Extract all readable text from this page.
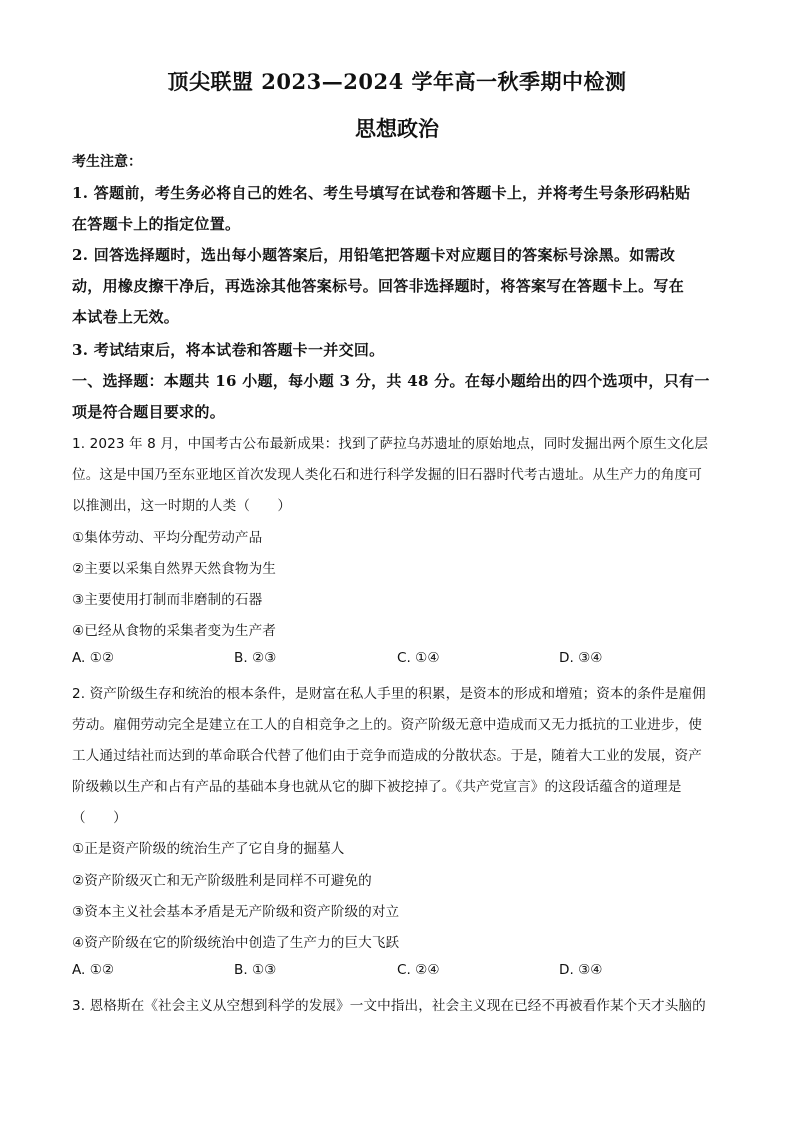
顶尖联盟 2023—2024 学年高一秋季期中检测
思想政治
考生注意：
1. 答题前，考生务必将自己的姓名、考生号填写在试卷和答题卡上，并将考生号条形码粘贴
在答题卡上的指定位置。
2. 回答选择题时，选出每小题答案后，用铅笔把答题卡对应题目的答案标号涂黑。如需改
动，用橡皮擦干净后，再选涂其他答案标号。回答非选择题时，将答案写在答题卡上。写在
本试卷上无效。
3. 考试结束后，将本试卷和答题卡一并交回。
一、选择题：本题共 16 小题，每小题 3 分，共 48 分。在每小题给出的四个选项中，只有一
项是符合题目要求的。
1. 2023 年 8 月，中国考古公布最新成果：找到了萨拉乌苏遗址的原始地点，同时发掘出两个原生文化层
位。这是中国乃至东亚地区首次发现人类化石和进行科学发掘的旧石器时代考古遗址。从生产力的角度可
以推测出，这一时期的人类（　　）
①集体劳动、平均分配劳动产品
②主要以采集自然界天然食物为生
③主要使用打制而非磨制的石器
④已经从食物的采集者变为生产者
A. ①②	B. ②③	C. ①④	D. ③④
2. 资产阶级生存和统治的根本条件，是财富在私人手里的积累，是资本的形成和增殖；资本的条件是雇佣
劳动。雇佣劳动完全是建立在工人的自相竞争之上的。资产阶级无意中造成而又无力抵抗的工业进步，使
工人通过结社而达到的革命联合代替了他们由于竞争而造成的分散状态。于是，随着大工业的发展，资产
阶级赖以生产和占有产品的基础本身也就从它的脚下被挖掉了。《共产党宣言》的这段话蕴含的道理是
（　　）
①正是资产阶级的统治生产了它自身的掘墓人
②资产阶级灭亡和无产阶级胜利是同样不可避免的
③资本主义社会基本矛盾是无产阶级和资产阶级的对立
④资产阶级在它的阶级统治中创造了生产力的巨大飞跃
A. ①②	B. ①③	C. ②④	D. ③④
3. 恩格斯在《社会主义从空想到科学的发展》一文中指出，社会主义现在已经不再被看作某个天才头脑的
